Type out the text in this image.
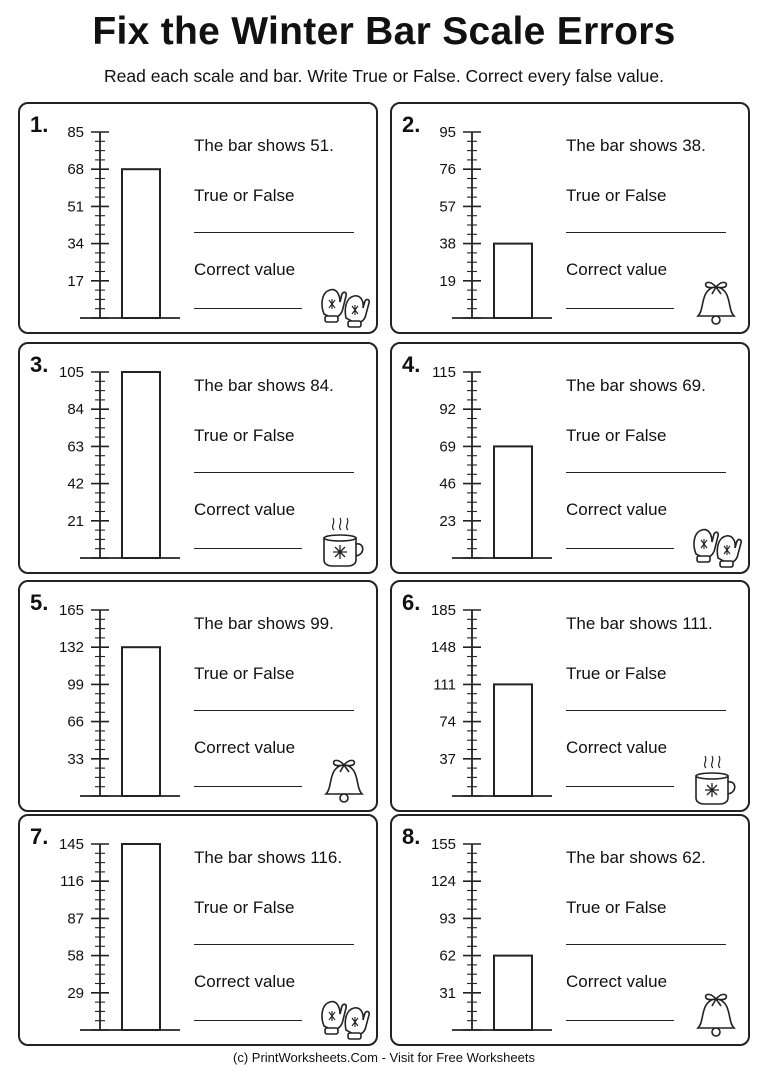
Fix the Winter Bar Scale Errors
Read each scale and bar. Write True or False. Correct every false value.
1.
17
34
51
68
85
The bar shows 51.
True or False
Correct value
2.
19
38
57
76
95
The bar shows 38.
True or False
Correct value
3.
21
42
63
84
105
The bar shows 84.
True or False
Correct value
4.
23
46
69
92
115
The bar shows 69.
True or False
Correct value
5.
33
66
99
132
165
The bar shows 99.
True or False
Correct value
6.
37
74
111
148
185
The bar shows 111.
True or False
Correct value
7.
29
58
87
116
145
The bar shows 116.
True or False
Correct value
8.
31
62
93
124
155
The bar shows 62.
True or False
Correct value
(c) PrintWorksheets.Com - Visit for Free Worksheets
